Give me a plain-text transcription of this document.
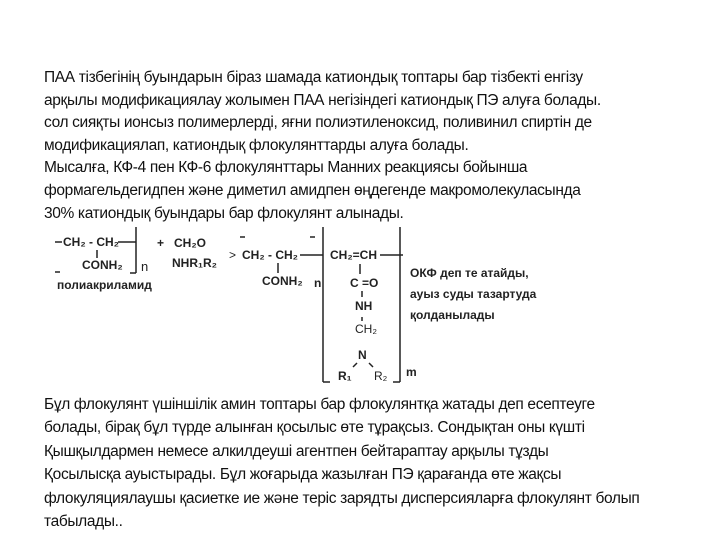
ПАА тізбегінің буындарын біраз шамада катиондық топтары бар тізбекті енгізу
арқылы модификациялау жолымен ПАА негізіндегі катиондық ПЭ алуға болады.
сол сияқты ионсыз полимерлерді, яғни полиэтиленоксид, поливинил спиртін де
модификациялап, катиондық флокулянттарды алуға болады.
Мысалға, КФ-4 пен КФ-6 флокулянттары Манних реакциясы бойынша
формагельдегидпен және диметил амидпен өңдегенде макромолекуласында
30% катиондық буындары бар флокулянт алынады.
CH₂ - CH₂
CONH₂ n
полиакриламид
+ CH₂O
NHR₁R₂
> CH₂ - CH₂
CONH₂ n
CH₂=CH
C =O
NH
CH₂
N
R₁ R₂ m
ОКФ деп те атайды,
ауыз суды тазартуда
қолданылады
Бұл флокулянт үшіншілік амин топтары бар флокулянтқа жатады деп есептеуге
болады, бірақ бұл түрде алынған қосылыс өте тұрақсыз. Сондықтан оны күшті
Қышқылдармен немесе алкилдеуші агентпен бейтараптау арқылы тұзды
Қосылысқа ауыстырады. Бұл жоғарыда жазылған ПЭ қарағанда өте жақсы
флокуляциялаушы қасиетке ие және теріс зарядты дисперсияларға флокулянт болып
табылады..
